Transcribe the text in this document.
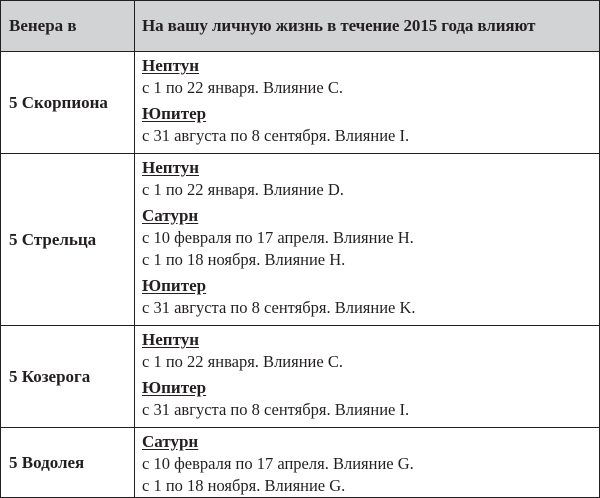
Венера в	На вашу личную жизнь в течение 2015 года влияют
5 Скорпиона
Нептун
с 1 по 22 января. Влияние C.
Юпитер
с 31 августа по 8 сентября. Влияние I.
5 Стрельца
Нептун
с 1 по 22 января. Влияние D.
Сатурн
с 10 февраля по 17 апреля. Влияние H.
с 1 по 18 ноября. Влияние H.
Юпитер
с 31 августа по 8 сентября. Влияние K.
5 Козерога
Нептун
с 1 по 22 января. Влияние C.
Юпитер
с 31 августа по 8 сентября. Влияние I.
5 Водолея
Сатурн
с 10 февраля по 17 апреля. Влияние G.
с 1 по 18 ноября. Влияние G.
